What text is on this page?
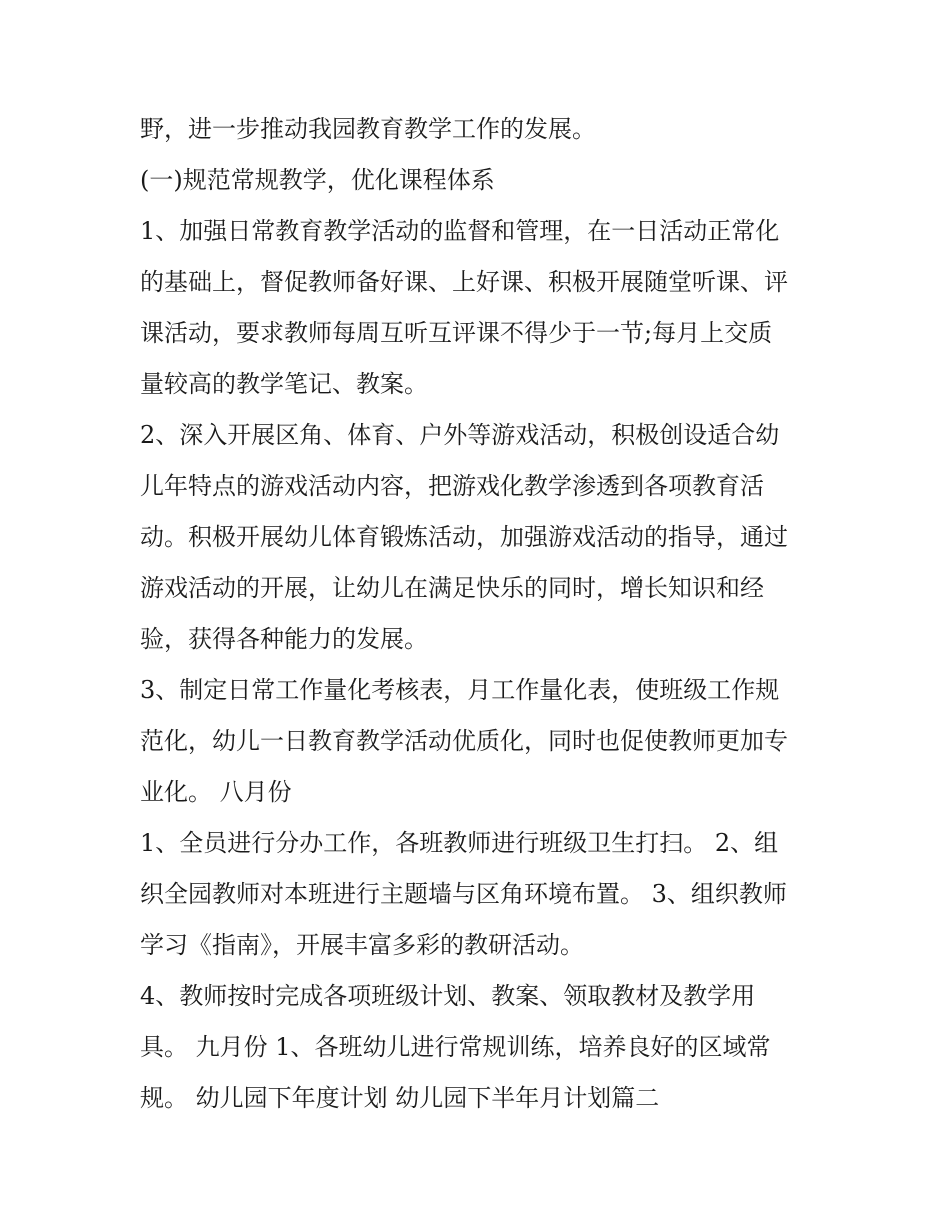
野，进一步推动我园教育教学工作的发展。
(一)规范常规教学，优化课程体系
1、加强日常教育教学活动的监督和管理，在一日活动正常化
的基础上，督促教师备好课、上好课、积极开展随堂听课、评
课活动，要求教师每周互听互评课不得少于一节;每月上交质
量较高的教学笔记、教案。
2、深入开展区角、体育、户外等游戏活动，积极创设适合幼
儿年特点的游戏活动内容，把游戏化教学渗透到各项教育活
动。积极开展幼儿体育锻炼活动，加强游戏活动的指导，通过
游戏活动的开展，让幼儿在满足快乐的同时，增长知识和经
验，获得各种能力的发展。
3、制定日常工作量化考核表，月工作量化表，使班级工作规
范化，幼儿一日教育教学活动优质化，同时也促使教师更加专
业化。 八月份
1、全员进行分办工作，各班教师进行班级卫生打扫。 2、组
织全园教师对本班进行主题墙与区角环境布置。 3、组织教师
学习《指南》，开展丰富多彩的教研活动。
4、教师按时完成各项班级计划、教案、领取教材及教学用
具。 九月份 1、各班幼儿进行常规训练，培养良好的区域常
规。 幼儿园下年度计划 幼儿园下半年月计划篇二
